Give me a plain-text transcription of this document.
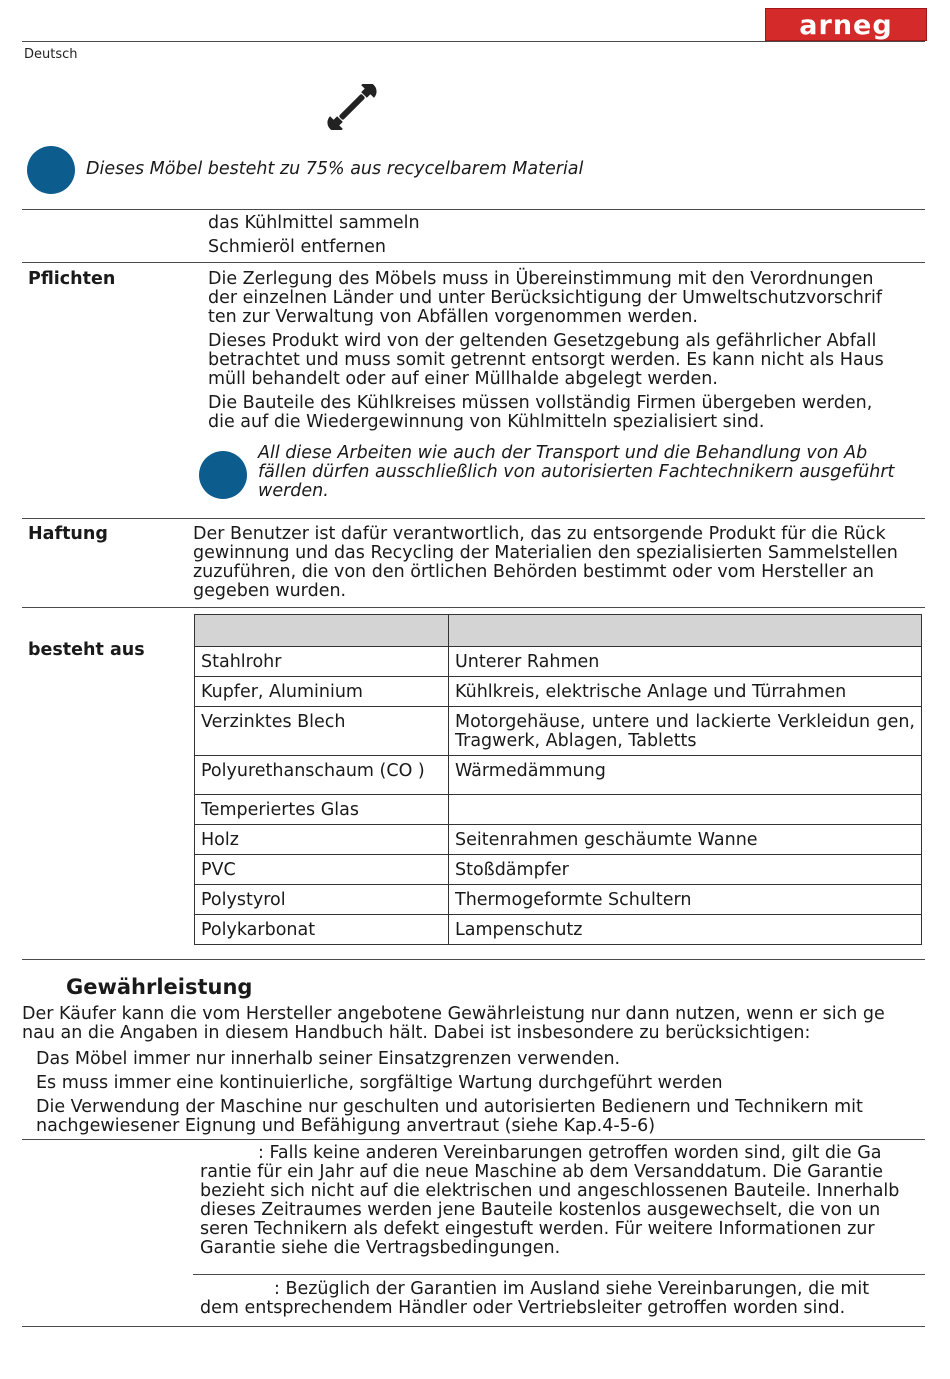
arneg
Deutsch
Dieses Möbel besteht zu 75% aus recycelbarem Material
das Kühlmittel sammeln
Schmieröl entfernen
Pflichten	Die Zerlegung des Möbels muss in Übereinstimmung mit den Verordnungen
der einzelnen Länder und unter Berücksichtigung der Umweltschutzvorschrif
ten zur Verwaltung von Abfällen vorgenommen werden.
Dieses Produkt wird von der geltenden Gesetzgebung als gefährlicher Abfall
betrachtet und muss somit getrennt entsorgt werden. Es kann nicht als Haus
müll behandelt oder auf einer Müllhalde abgelegt werden.
Die Bauteile des Kühlkreises müssen vollständig Firmen übergeben werden,
die auf die Wiedergewinnung von Kühlmitteln spezialisiert sind.
All diese Arbeiten wie auch der Transport und die Behandlung von Ab
fällen dürfen ausschließlich von autorisierten Fachtechnikern ausgeführt
werden.
Haftung	Der Benutzer ist dafür verantwortlich, das zu entsorgende Produkt für die Rück
gewinnung und das Recycling der Materialien den spezialisierten Sammelstellen
zuzuführen, die von den örtlichen Behörden bestimmt oder vom Hersteller an
gegeben wurden.
besteht aus

Stahlrohr	Unterer Rahmen
Kupfer, Aluminium	Kühlkreis, elektrische Anlage und Türrahmen
Verzinktes Blech	Motorgehäuse, untere und lackierte Verkleidun gen, Tragwerk, Ablagen, Tabletts
Polyurethanschaum (CO )	Wärmedämmung
Temperiertes Glas	
Holz	Seitenrahmen geschäumte Wanne
PVC	Stoßdämpfer
Polystyrol	Thermogeformte Schultern
Polykarbonat	Lampenschutz
Gewährleistung
Der Käufer kann die vom Hersteller angebotene Gewährleistung nur dann nutzen, wenn er sich ge
nau an die Angaben in diesem Handbuch hält. Dabei ist insbesondere zu berücksichtigen:
Das Möbel immer nur innerhalb seiner Einsatzgrenzen verwenden.
Es muss immer eine kontinuierliche, sorgfältige Wartung durchgeführt werden
Die Verwendung der Maschine nur geschulten und autorisierten Bedienern und Technikern mit
nachgewiesener Eignung und Befähigung anvertraut (siehe Kap.4-5-6)
: Falls keine anderen Vereinbarungen getroffen worden sind, gilt die Ga
rantie für ein Jahr auf die neue Maschine ab dem Versanddatum. Die Garantie
bezieht sich nicht auf die elektrischen und angeschlossenen Bauteile. Innerhalb
dieses Zeitraumes werden jene Bauteile kostenlos ausgewechselt, die von un
seren Technikern als defekt eingestuft werden. Für weitere Informationen zur
Garantie siehe die Vertragsbedingungen.
: Bezüglich der Garantien im Ausland siehe Vereinbarungen, die mit
dem entsprechendem Händler oder Vertriebsleiter getroffen worden sind.
